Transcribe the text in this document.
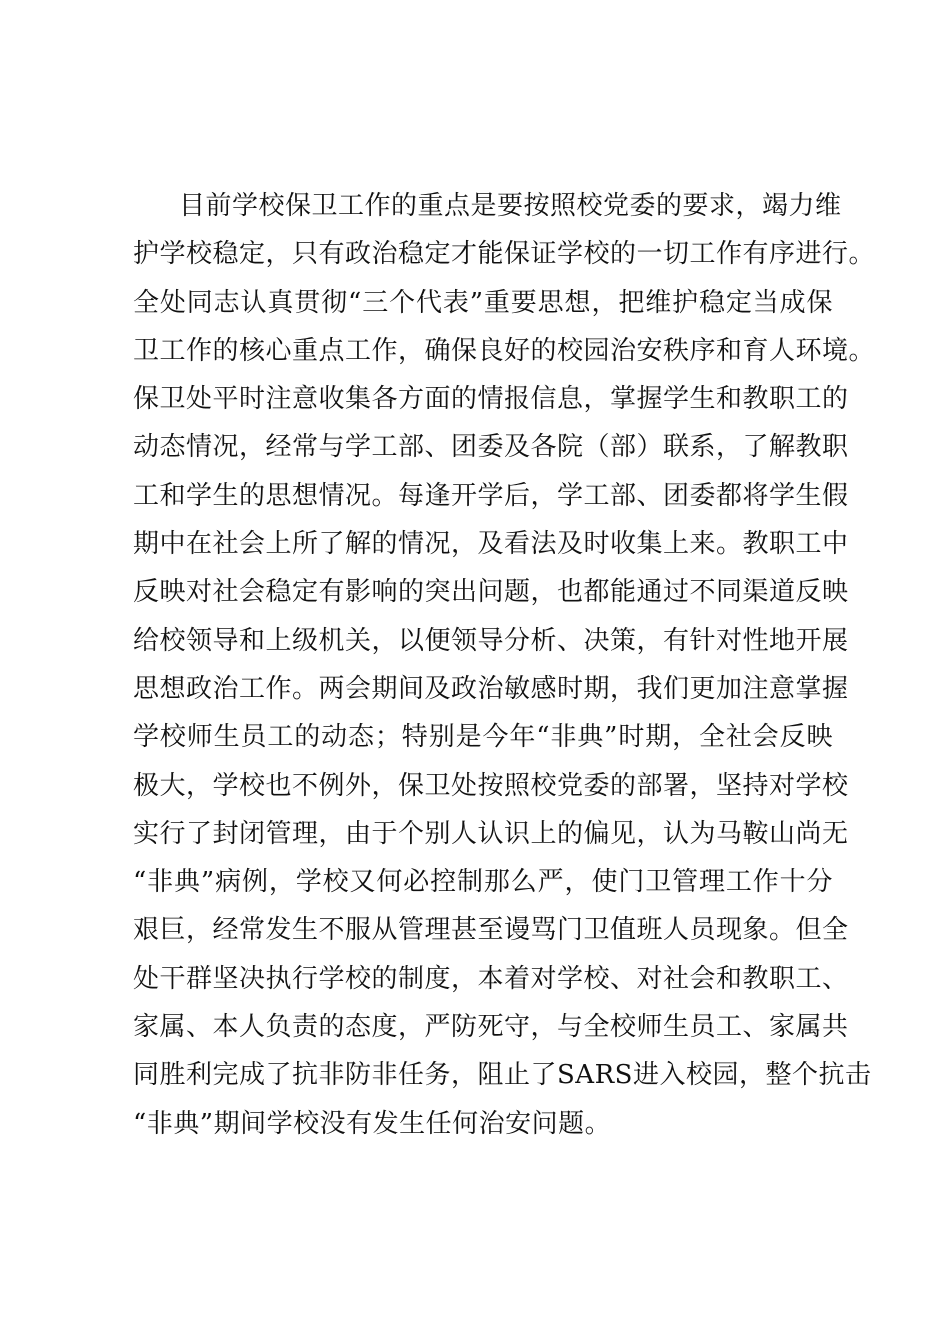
目前学校保卫工作的重点是要按照校党委的要求，竭力维
护学校稳定，只有政治稳定才能保证学校的一切工作有序进行。
全处同志认真贯彻“三个代表”重要思想，把维护稳定当成保
卫工作的核心重点工作，确保良好的校园治安秩序和育人环境。
保卫处平时注意收集各方面的情报信息，掌握学生和教职工的
动态情况，经常与学工部、团委及各院（部）联系，了解教职
工和学生的思想情况。每逢开学后，学工部、团委都将学生假
期中在社会上所了解的情况，及看法及时收集上来。教职工中
反映对社会稳定有影响的突出问题，也都能通过不同渠道反映
给校领导和上级机关，以便领导分析、决策，有针对性地开展
思想政治工作。两会期间及政治敏感时期，我们更加注意掌握
学校师生员工的动态；特别是今年“非典”时期，全社会反映
极大，学校也不例外，保卫处按照校党委的部署，坚持对学校
实行了封闭管理，由于个别人认识上的偏见，认为马鞍山尚无
“非典”病例，学校又何必控制那么严，使门卫管理工作十分
艰巨，经常发生不服从管理甚至谩骂门卫值班人员现象。但全
处干群坚决执行学校的制度，本着对学校、对社会和教职工、
家属、本人负责的态度，严防死守，与全校师生员工、家属共
同胜利完成了抗非防非任务，阻止了SARS进入校园，整个抗击
“非典”期间学校没有发生任何治安问题。
